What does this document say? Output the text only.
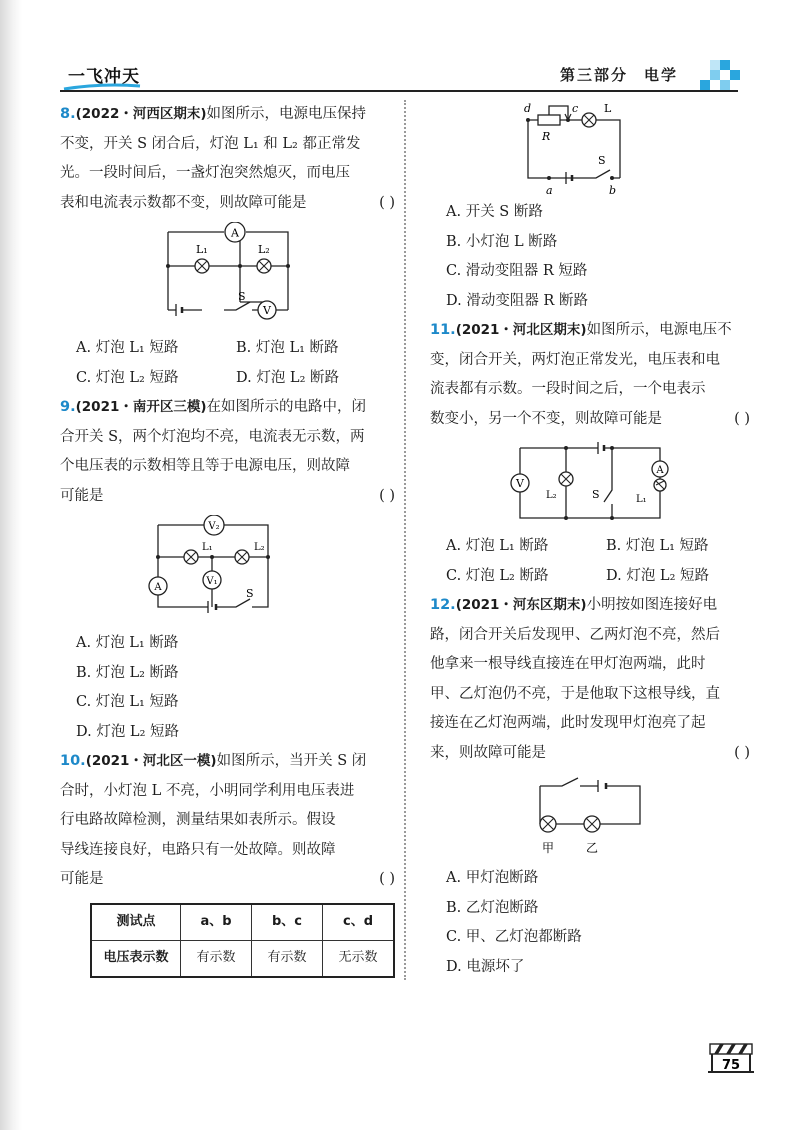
一飞冲天	第三部分 电学
8.(2022・河西区期末)如图所示，电源电压保持
不变，开关 S 闭合后，灯泡 L₁ 和 L₂ 都正常发
光。一段时间后，一盏灯泡突然熄灭，而电压
表和电流表示数都不变，则故障可能是	( )
A
L₁	L₂
S
V
A. 灯泡 L₁ 短路	B. 灯泡 L₁ 断路
C. 灯泡 L₂ 短路	D. 灯泡 L₂ 断路
9.(2021・南开区三模)在如图所示的电路中，闭
合开关 S，两个灯泡均不亮，电流表无示数，两
个电压表的示数相等且等于电源电压，则故障
可能是	( )
V₂
L₁	L₂
A
V₁
S
A. 灯泡 L₁ 断路
B. 灯泡 L₂ 断路
C. 灯泡 L₁ 短路
D. 灯泡 L₂ 短路
10.(2021・河北区一模)如图所示，当开关 S 闭
合时，小灯泡 L 不亮，小明同学利用电压表进
行电路故障检测，测量结果如表所示。假设
导线连接良好，电路只有一处故障。则故障
可能是	( )
测试点	a、b	b、c	c、d
电压表示数	有示数	有示数	无示数
d	c L
R
S
a	b
A. 开关 S 断路
B. 小灯泡 L 断路
C. 滑动变阻器 R 短路
D. 滑动变阻器 R 断路
11.(2021・河北区期末)如图所示，电源电压不
变，闭合开关，两灯泡正常发光，电压表和电
流表都有示数。一段时间之后，一个电表示
数变小，另一个不变，则故障可能是	( )
V
L₂	S
A
L₁
A. 灯泡 L₁ 断路	B. 灯泡 L₁ 短路
C. 灯泡 L₂ 断路	D. 灯泡 L₂ 短路
12.(2021・河东区期末)小明按如图连接好电
路，闭合开关后发现甲、乙两灯泡不亮，然后
他拿来一根导线直接连在甲灯泡两端，此时
甲、乙灯泡仍不亮，于是他取下这根导线，直
接连在乙灯泡两端，此时发现甲灯泡亮了起
来，则故障可能是	( )
甲	乙
A. 甲灯泡断路
B. 乙灯泡断路
C. 甲、乙灯泡都断路
D. 电源坏了
75
